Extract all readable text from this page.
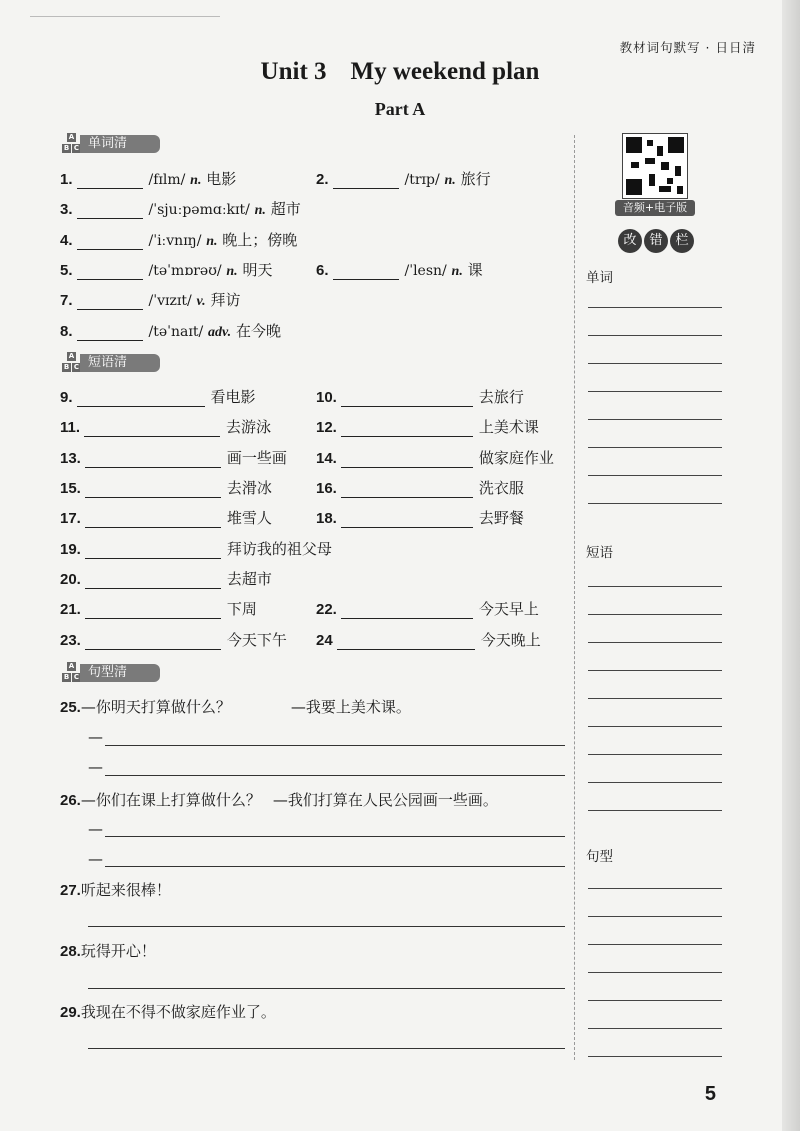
教材词句默写 · 日日清
Unit 3 My weekend plan
Part A
A
B C 单词清
1.	/fɪlm/ n. 电影	2.	/trɪp/ n. 旅行
3.	/ˈsjuːpəmɑːkɪt/ n. 超市
4.	/ˈiːvnɪŋ/ n. 晚上；傍晚
5.	/təˈmɒrəʊ/ n. 明天	6.	/ˈlesn/ n. 课
7.	/ˈvɪzɪt/ v. 拜访
8.	/təˈnaɪt/ adv. 在今晚
A
B C 短语清
9.	看电影	10.	去旅行
11.	去游泳	12.	上美术课
13.	画一些画 14.	做家庭作业
15.	去滑冰	16.	洗衣服
17.	堆雪人	18.	去野餐
19.	拜访我的祖父母
20.	去超市
21.	下周	22.	今天早上
23.	今天下午 24	今天晚上
A
B C 句型清
25.—你明天打算做什么？	—我要上美术课。
—
—
26.—你们在课上打算做什么？ —我们打算在人民公园画一些画。
—
—
27.听起来很棒！
28.玩得开心！
29.我现在不得不做家庭作业了。
音频+电子版
改 错 栏
单词
短语
句型
5
